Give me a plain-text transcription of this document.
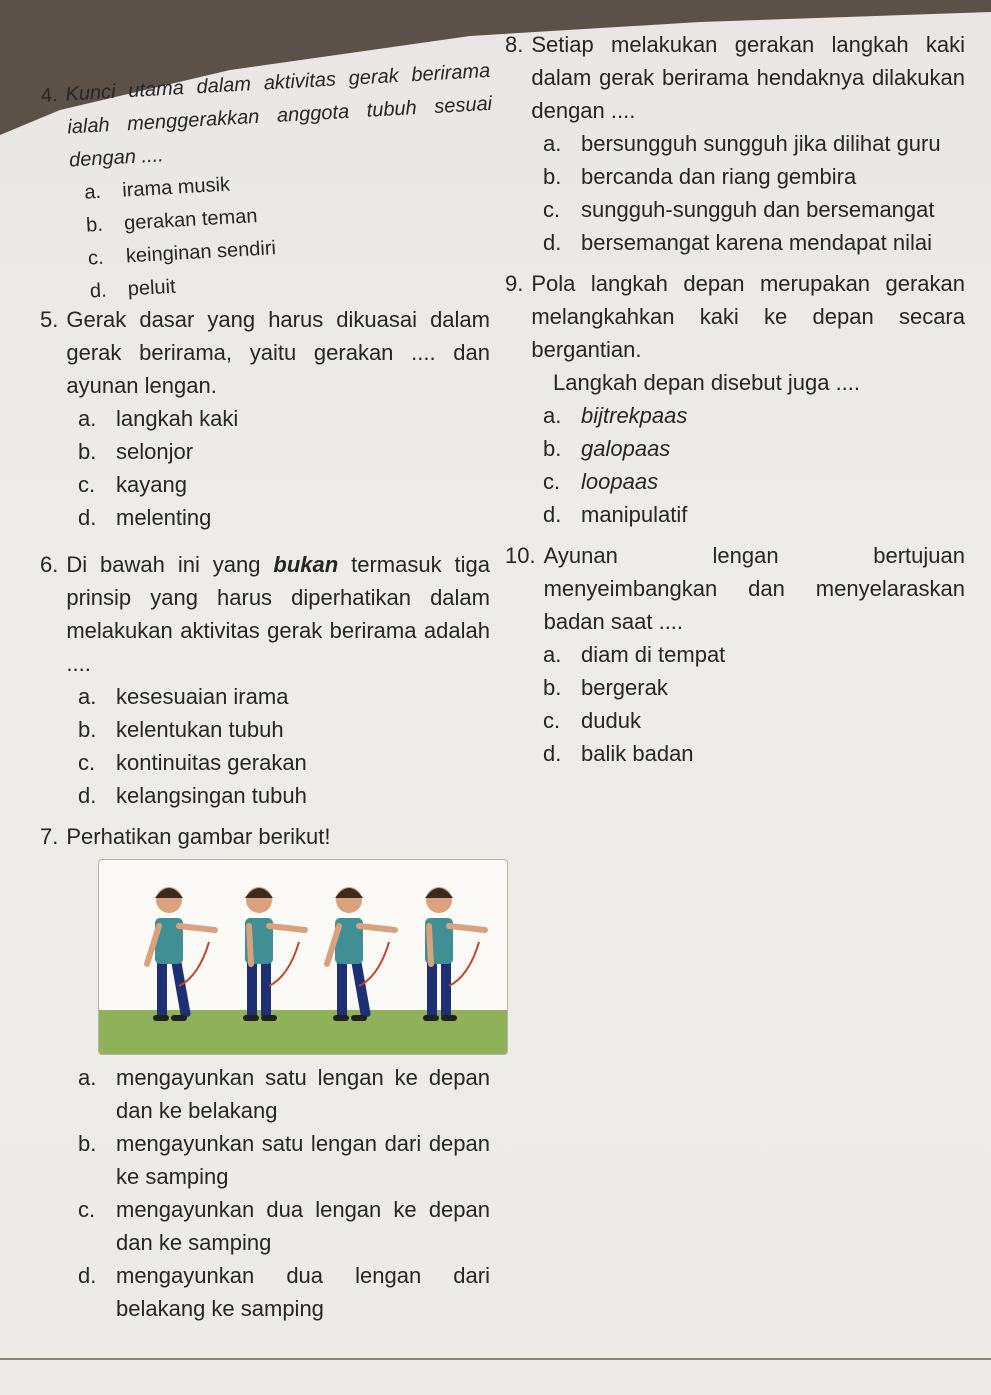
4. Kunci utama dalam aktivitas gerak berirama ialah menggerakkan anggota tubuh sesuai dengan ....
a.	irama musik
b.	gerakan teman
c.	keinginan sendiri
d.	peluit
5. Gerak dasar yang harus dikuasai dalam gerak berirama, yaitu gerakan .... dan ayunan lengan.
a. langkah kaki
b. selonjor
c. kayang
d. melenting
6. Di bawah ini yang bukan termasuk tiga prinsip yang harus diperhatikan dalam melakukan aktivitas gerak berirama adalah ....
a. kesesuaian irama
b. kelentukan tubuh
c. kontinuitas gerakan
d. kelangsingan tubuh
7. Perhatikan gambar berikut!
a. mengayunkan satu lengan ke depan dan ke belakang
b. mengayunkan satu lengan dari depan ke samping
c. mengayunkan dua lengan ke depan dan ke samping
d. mengayunkan dua lengan dari belakang ke samping
8. Setiap melakukan gerakan langkah kaki dalam gerak berirama hendaknya dilakukan dengan ....
a. bersungguh sungguh jika dilihat guru
b. bercanda dan riang gembira
c. sungguh-sungguh dan bersemangat
d. bersemangat karena mendapat nilai
9. Pola langkah depan merupakan gerakan melangkahkan kaki ke depan secara bergantian.
Langkah depan disebut juga ....
a. bijtrekpaas
b. galopaas
c. loopaas
d. manipulatif
10. Ayunan lengan bertujuan menyeimbangkan dan menyelaraskan badan saat ....
a. diam di tempat
b. bergerak
c. duduk
d. balik badan
